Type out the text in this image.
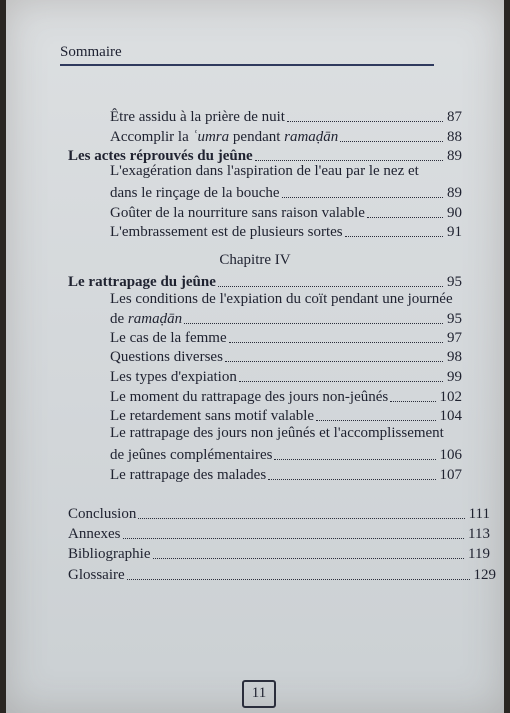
Sommaire
Être assidu à la prière de nuit	87
Accomplir la ʿumra pendant ramaḍān	88
Les actes réprouvés du jeûne	89
L'exagération dans l'aspiration de l'eau par le nez et
dans le rinçage de la bouche	89
Goûter de la nourriture sans raison valable	90
L'embrassement est de plusieurs sortes	91
Chapitre IV
Le rattrapage du jeûne	95
Les conditions de l'expiation du coït pendant une journée
de ramaḍān	95
Le cas de la femme	97
Questions diverses	98
Les types d'expiation	99
Le moment du rattrapage des jours non-jeûnés	102
Le retardement sans motif valable	104
Le rattrapage des jours non jeûnés et l'accomplissement
de jeûnes complémentaires	106
Le rattrapage des malades	107
Conclusion	111
Annexes	113
Bibliographie	119
Glossaire	129
11
